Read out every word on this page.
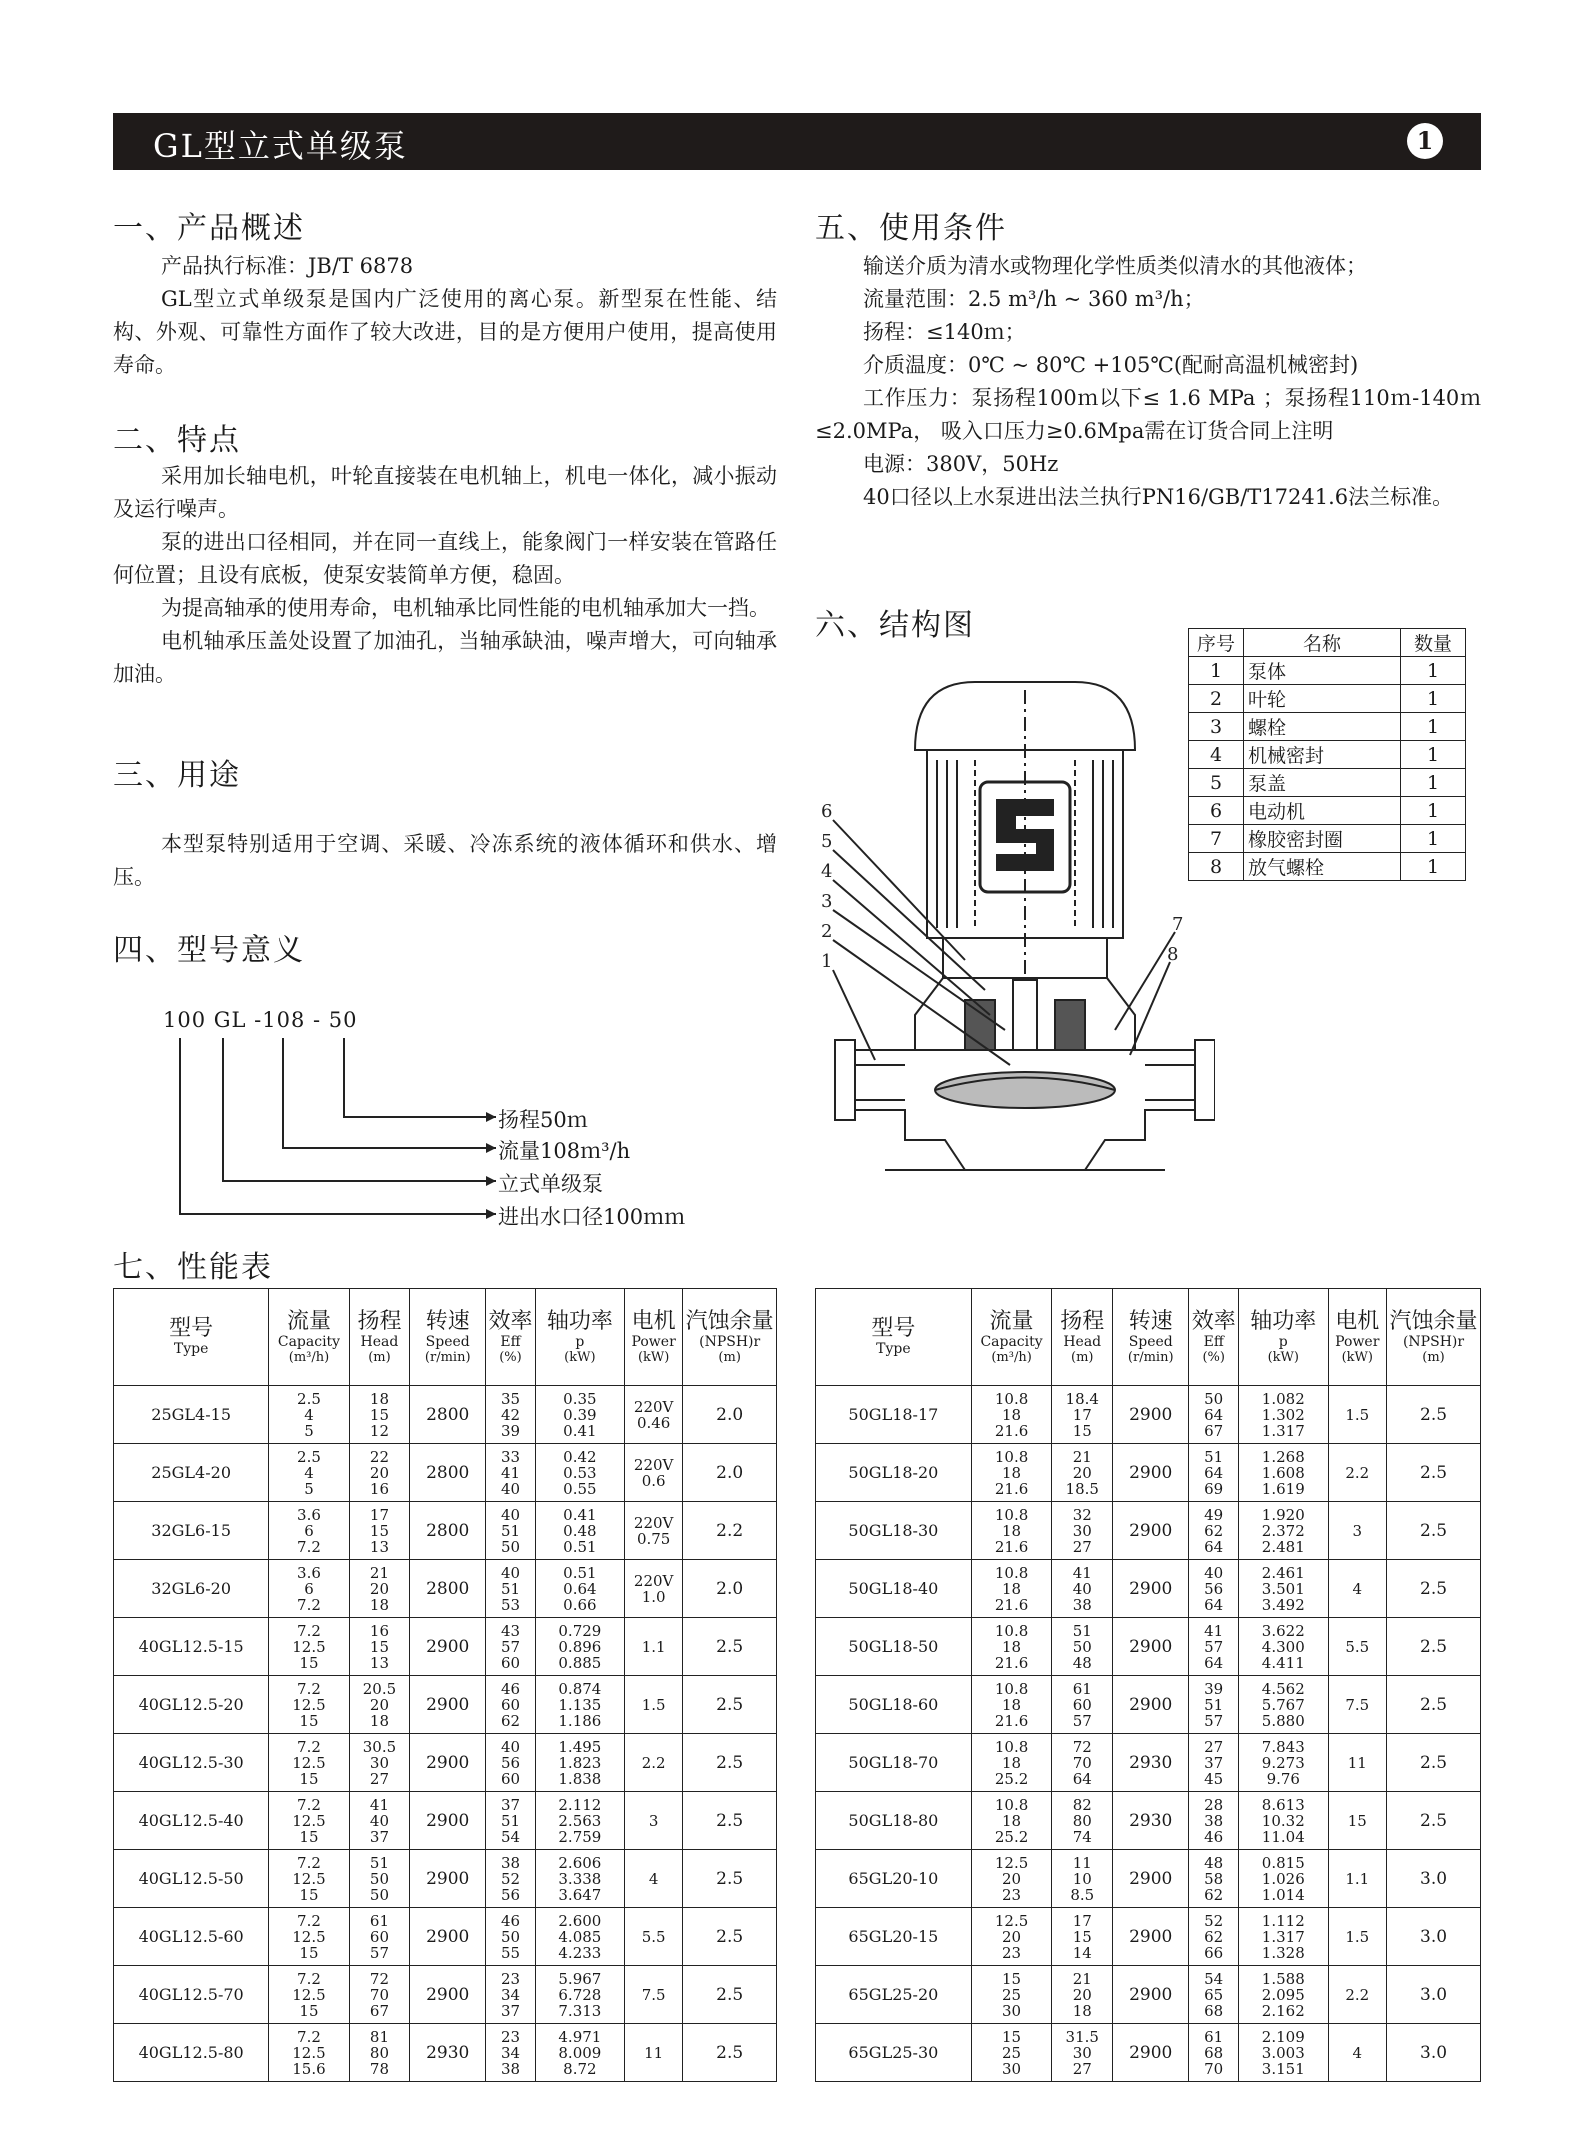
GL型立式单级泵	1
一、产品概述

产品执行标准：JB/T 6878

GL型立式单级泵是国内广泛使用的离心泵。新型泵在性能、结构、外观、可靠性方面作了较大改进，目的是方便用户使用，提高使用寿命。

二、特点

采用加长轴电机，叶轮直接装在电机轴上，机电一体化，减小振动及运行噪声。

泵的进出口径相同，并在同一直线上，能象阀门一样安装在管路任何位置；且设有底板，使泵安装简单方便，稳固。

为提高轴承的使用寿命，电机轴承比同性能的电机轴承加大一挡。

电机轴承压盖处设置了加油孔，当轴承缺油，噪声增大，可向轴承加油。

三、用途

本型泵特别适用于空调、采暖、冷冻系统的液体循环和供水、增压。

四、型号意义
100 GL -108 - 50
扬程50ｍ
流量108ｍ³/h
立式单级泵
进出水口径100ｍｍ
五、使用条件

输送介质为清水或物理化学性质类似清水的其他液体；

流量范围：2.5 m³/h ~ 360 m³/h；

扬程：≤140ｍ；

介质温度：0℃ ~ 80℃ +105℃(配耐高温机械密封)

工作压力：泵扬程100ｍ以下≤ 1.6 MPa ；泵扬程110ｍ-140ｍ≤2.0MPa， 吸入口压力≥0.6Mpa需在订货合同上注明

电源：380V，50Hz

40口径以上水泵进出法兰执行PN16/GB/T17241.6法兰标准。

六、结构图
序号	名称	数量
1	泵体	1
2	叶轮	1
3	螺栓	1
4	机械密封	1
5	泵盖	1
6	电动机	1
7	橡胶密封圈	1
8	放气螺栓	1
6
5
4
3
2
1
7
8
七、性能表
型号
Type	流量
Capacity
(m³/h)	扬程
Head
(m)	转速
Speed
(r/min)	效率
Eff
(%)	轴功率
p
(kW)	电机
Power
(kW)	汽蚀余量
(NPSH)r
(m)

25GL4-15	2.5
4
5	18
15
12	2800	35
42
39	0.35
0.39
0.41	220V
0.46	2.0
25GL4-20	2.5
4
5	22
20
16	2800	33
41
40	0.42
0.53
0.55	220V
0.6	2.0
32GL6-15	3.6
6
7.2	17
15
13	2800	40
51
50	0.41
0.48
0.51	220V
0.75	2.2
32GL6-20	3.6
6
7.2	21
20
18	2800	40
51
53	0.51
0.64
0.66	220V
1.0	2.0
40GL12.5-15	7.2
12.5
15	16
15
13	2900	43
57
60	0.729
0.896
0.885	1.1	2.5
40GL12.5-20	7.2
12.5
15	20.5
20
18	2900	46
60
62	0.874
1.135
1.186	1.5	2.5
40GL12.5-30	7.2
12.5
15	30.5
30
27	2900	40
56
60	1.495
1.823
1.838	2.2	2.5
40GL12.5-40	7.2
12.5
15	41
40
37	2900	37
51
54	2.112
2.563
2.759	3	2.5
40GL12.5-50	7.2
12.5
15	51
50
50	2900	38
52
56	2.606
3.338
3.647	4	2.5
40GL12.5-60	7.2
12.5
15	61
60
57	2900	46
50
55	2.600
4.085
4.233	5.5	2.5
40GL12.5-70	7.2
12.5
15	72
70
67	2900	23
34
37	5.967
6.728
7.313	7.5	2.5
40GL12.5-80	7.2
12.5
15.6	81
80
78	2930	23
34
38	4.971
8.009
8.72	11	2.5
型号
Type	流量
Capacity
(m³/h)	扬程
Head
(m)	转速
Speed
(r/min)	效率
Eff
(%)	轴功率
p
(kW)	电机
Power
(kW)	汽蚀余量
(NPSH)r
(m)

50GL18-17	10.8
18
21.6	18.4
17
15	2900	50
64
67	1.082
1.302
1.317	1.5	2.5
50GL18-20	10.8
18
21.6	21
20
18.5	2900	51
64
69	1.268
1.608
1.619	2.2	2.5
50GL18-30	10.8
18
21.6	32
30
27	2900	49
62
64	1.920
2.372
2.481	3	2.5
50GL18-40	10.8
18
21.6	41
40
38	2900	40
56
64	2.461
3.501
3.492	4	2.5
50GL18-50	10.8
18
21.6	51
50
48	2900	41
57
64	3.622
4.300
4.411	5.5	2.5
50GL18-60	10.8
18
21.6	61
60
57	2900	39
51
57	4.562
5.767
5.880	7.5	2.5
50GL18-70	10.8
18
25.2	72
70
64	2930	27
37
45	7.843
9.273
9.76	11	2.5
50GL18-80	10.8
18
25.2	82
80
74	2930	28
38
46	8.613
10.32
11.04	15	2.5
65GL20-10	12.5
20
23	11
10
8.5	2900	48
58
62	0.815
1.026
1.014	1.1	3.0
65GL20-15	12.5
20
23	17
15
14	2900	52
62
66	1.112
1.317
1.328	1.5	3.0
65GL25-20	15
25
30	21
20
18	2900	54
65
68	1.588
2.095
2.162	2.2	3.0
65GL25-30	15
25
30	31.5
30
27	2900	61
68
70	2.109
3.003
3.151	4	3.0
